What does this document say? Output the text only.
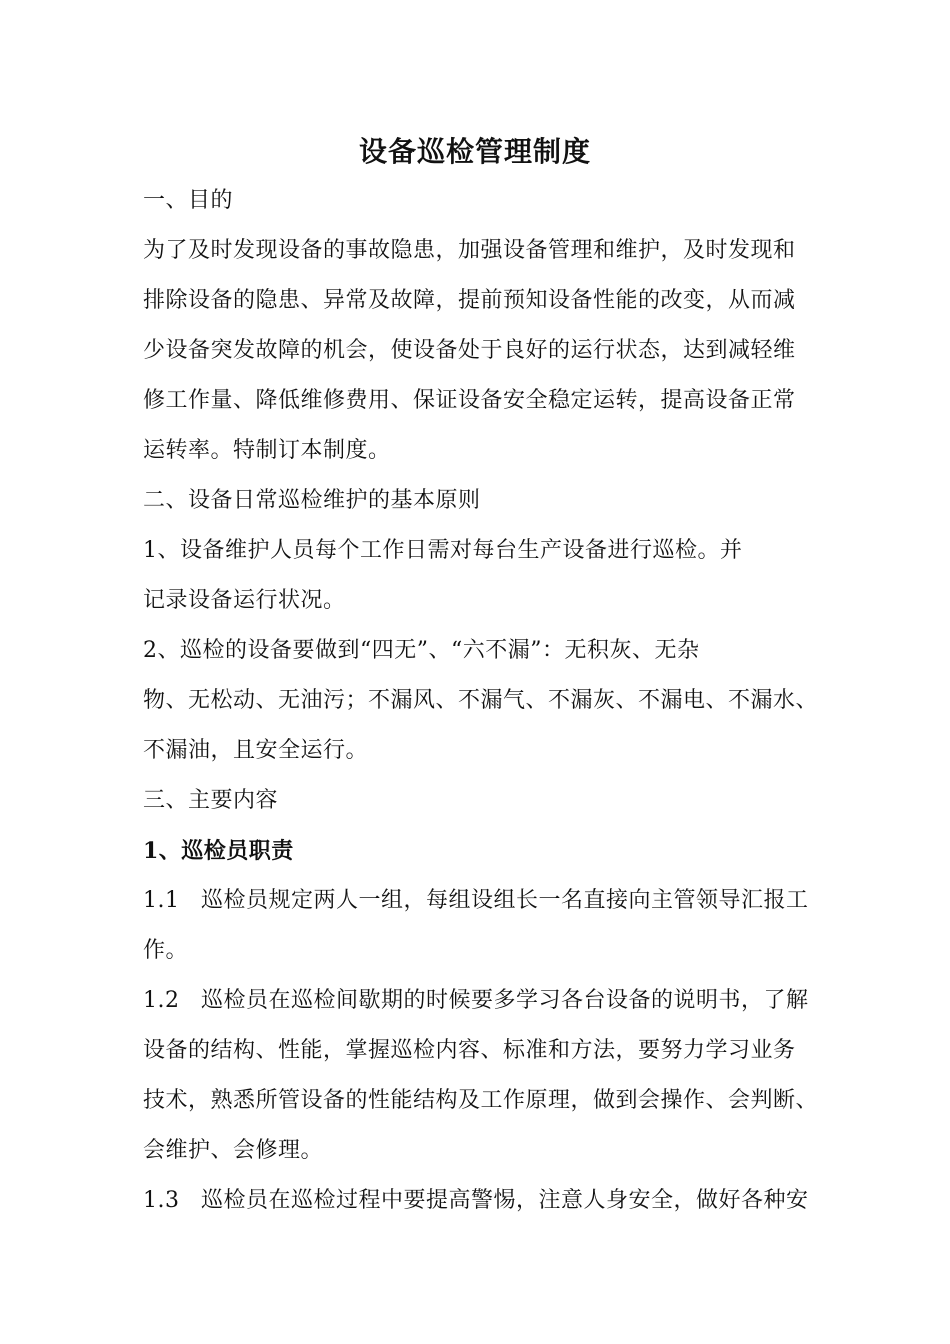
设备巡检管理制度
一、目的
为了及时发现设备的事故隐患，加强设备管理和维护，及时发现和
排除设备的隐患、异常及故障，提前预知设备性能的改变，从而减
少设备突发故障的机会，使设备处于良好的运行状态，达到减轻维
修工作量、降低维修费用、保证设备安全稳定运转，提高设备正常
运转率。特制订本制度。
二、设备日常巡检维护的基本原则
1、设备维护人员每个工作日需对每台生产设备进行巡检。并
记录设备运行状况。
2、巡检的设备要做到“四无”、“六不漏”：无积灰、无杂
物、无松动、无油污；不漏风、不漏气、不漏灰、不漏电、不漏水、
不漏油，且安全运行。
三、主要内容
1、巡检员职责
1.1 巡检员规定两人一组，每组设组长一名直接向主管领导汇报工
作。
1.2 巡检员在巡检间歇期的时候要多学习各台设备的说明书，了解
设备的结构、性能，掌握巡检内容、标准和方法，要努力学习业务
技术，熟悉所管设备的性能结构及工作原理，做到会操作、会判断、
会维护、会修理。
1.3 巡检员在巡检过程中要提高警惕，注意人身安全，做好各种安
